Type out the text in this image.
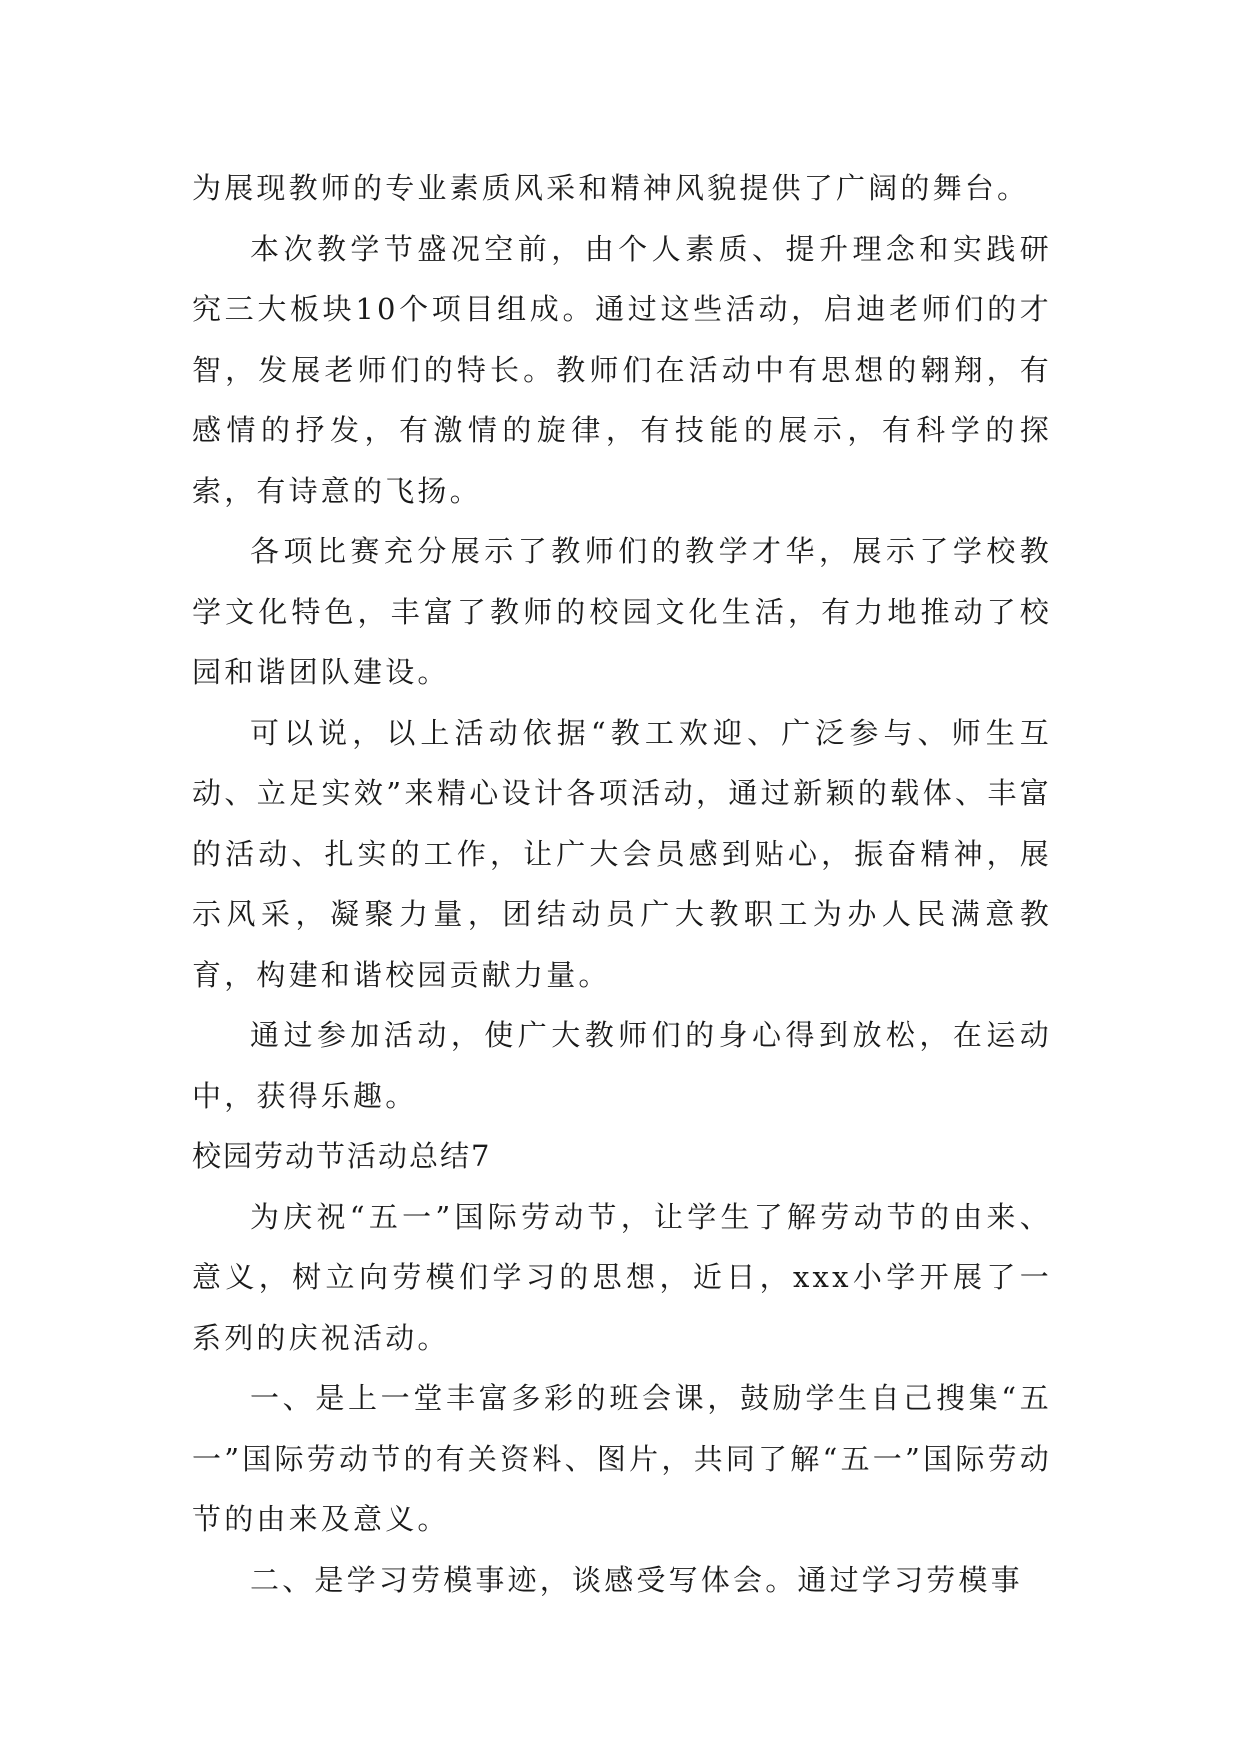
为展现教师的专业素质风采和精神风貌提供了广阔的舞台。

本次教学节盛况空前，由个人素质、提升理念和实践研究三大板块10个项目组成。通过这些活动，启迪老师们的才智，发展老师们的特长。教师们在活动中有思想的翱翔，有感情的抒发，有激情的旋律，有技能的展示，有科学的探索，有诗意的飞扬。

各项比赛充分展示了教师们的教学才华，展示了学校教学文化特色，丰富了教师的校园文化生活，有力地推动了校园和谐团队建设。

可以说，以上活动依据“教工欢迎、广泛参与、师生互动、立足实效”来精心设计各项活动，通过新颖的载体、丰富的活动、扎实的工作，让广大会员感到贴心，振奋精神，展示风采，凝聚力量，团结动员广大教职工为办人民满意教育，构建和谐校园贡献力量。

通过参加活动，使广大教师们的身心得到放松，在运动中，获得乐趣。

校园劳动节活动总结7

为庆祝“五一”国际劳动节，让学生了解劳动节的由来、意义，树立向劳模们学习的思想，近日，xxx小学开展了一系列的庆祝活动。

一、是上一堂丰富多彩的班会课，鼓励学生自己搜集“五一”国际劳动节的有关资料、图片，共同了解“五一”国际劳动节的由来及意义。

二、是学习劳模事迹，谈感受写体会。通过学习劳模事
